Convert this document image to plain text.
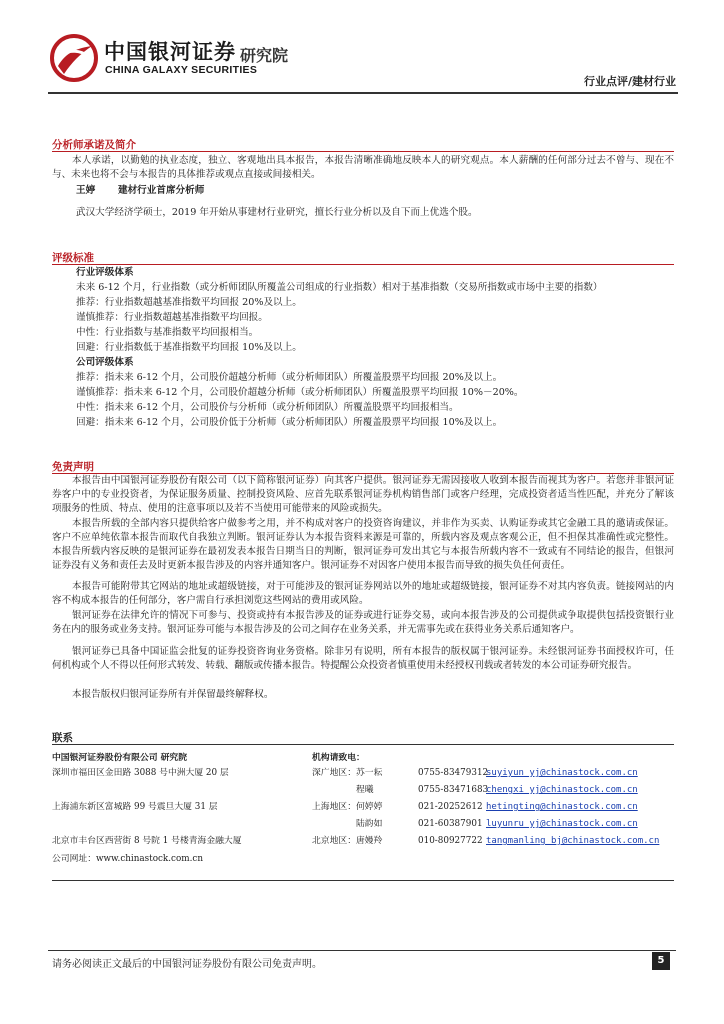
中国银河证券
CHINA GALAXY SECURITIES
研究院
行业点评/建材行业
分析师承诺及简介
本人承诺，以勤勉的执业态度，独立、客观地出具本报告，本报告清晰准确地反映本人的研究观点。本人薪酬的任何部分过去不曾与、现在不与、未来也将不会与本报告的具体推荐或观点直接或间接相关。
王婷 建材行业首席分析师
武汉大学经济学硕士，2019 年开始从事建材行业研究，擅长行业分析以及自下而上优选个股。
评级标准
行业评级体系
未来 6-12 个月，行业指数（或分析师团队所覆盖公司组成的行业指数）相对于基准指数（交易所指数或市场中主要的指数）
推荐：行业指数超越基准指数平均回报 20%及以上。
谨慎推荐：行业指数超越基准指数平均回报。
中性：行业指数与基准指数平均回报相当。
回避：行业指数低于基准指数平均回报 10%及以上。
公司评级体系
推荐：指未来 6-12 个月，公司股价超越分析师（或分析师团队）所覆盖股票平均回报 20%及以上。
谨慎推荐：指未来 6-12 个月，公司股价超越分析师（或分析师团队）所覆盖股票平均回报 10%－20%。
中性：指未来 6-12 个月，公司股价与分析师（或分析师团队）所覆盖股票平均回报相当。
回避：指未来 6-12 个月，公司股价低于分析师（或分析师团队）所覆盖股票平均回报 10%及以上。
免责声明
本报告由中国银河证券股份有限公司（以下简称银河证券）向其客户提供。银河证券无需因接收人收到本报告而视其为客户。若您并非银河证券客户中的专业投资者，为保证服务质量、控制投资风险、应首先联系银河证券机构销售部门或客户经理，完成投资者适当性匹配，并充分了解该项服务的性质、特点、使用的注意事项以及若不当使用可能带来的风险或损失。
本报告所载的全部内容只提供给客户做参考之用，并不构成对客户的投资咨询建议，并非作为买卖、认购证券或其它金融工具的邀请或保证。客户不应单纯依靠本报告而取代自我独立判断。银河证券认为本报告资料来源是可靠的，所载内容及观点客观公正，但不担保其准确性或完整性。本报告所载内容反映的是银河证券在最初发表本报告日期当日的判断，银河证券可发出其它与本报告所载内容不一致或有不同结论的报告，但银河证券没有义务和责任去及时更新本报告涉及的内容并通知客户。银河证券不对因客户使用本报告而导致的损失负任何责任。
本报告可能附带其它网站的地址或超级链接，对于可能涉及的银河证券网站以外的地址或超级链接，银河证券不对其内容负责。链接网站的内容不构成本报告的任何部分，客户需自行承担浏览这些网站的费用或风险。
银河证券在法律允许的情况下可参与、投资或持有本报告涉及的证券或进行证券交易，或向本报告涉及的公司提供或争取提供包括投资银行业务在内的服务或业务支持。银河证券可能与本报告涉及的公司之间存在业务关系，并无需事先或在获得业务关系后通知客户。
银河证券已具备中国证监会批复的证券投资咨询业务资格。除非另有说明，所有本报告的版权属于银河证券。未经银河证券书面授权许可，任何机构或个人不得以任何形式转发、转载、翻版或传播本报告。特提醒公众投资者慎重使用未经授权刊载或者转发的本公司证券研究报告。
本报告版权归银河证券所有并保留最终解释权。
联系
中国银河证券股份有限公司 研究院
深圳市福田区金田路 3088 号中洲大厦 20 层
上海浦东新区富城路 99 号震旦大厦 31 层
北京市丰台区西营街 8 号院 1 号楼青海金融大厦
公司网址：www.chinastock.com.cn
机构请致电：
深广地区： 苏一耘	0755-83479312
suyiyun_yj@chinastock.com.cn
程曦	0755-83471683
chengxi_yj@chinastock.com.cn
上海地区： 何婷婷	021-20252612 hetingting@chinastock.com.cn
陆韵如	021-60387901 luyunru_yj@chinastock.com.cn
北京地区： 唐嫚羚	010-80927722 tangmanling_bj@chinastock.com.cn
请务必阅读正文最后的中国银河证券股份有限公司免责声明。	5
